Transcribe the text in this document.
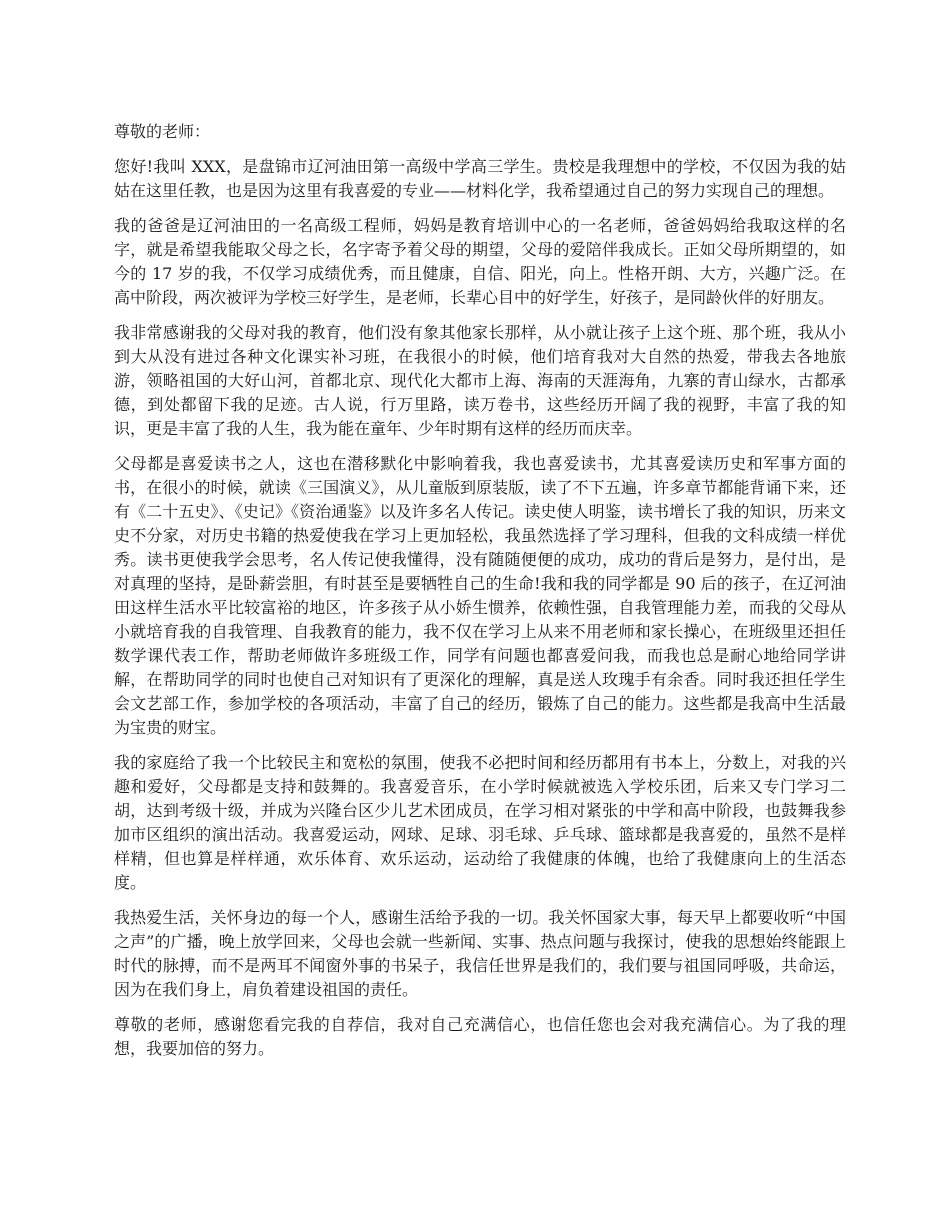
尊敬的老师：

您好!我叫 XXX，是盘锦市辽河油田第一高级中学高三学生。贵校是我理想中的学校，不仅因为我的姑姑在这里任教，也是因为这里有我喜爱的专业——材料化学，我希望通过自己的努力实现自己的理想。

我的爸爸是辽河油田的一名高级工程师，妈妈是教育培训中心的一名老师，爸爸妈妈给我取这样的名字，就是希望我能取父母之长，名字寄予着父母的期望，父母的爱陪伴我成长。正如父母所期望的，如今的 17 岁的我，不仅学习成绩优秀，而且健康，自信、阳光，向上。性格开朗、大方，兴趣广泛。在高中阶段，两次被评为学校三好学生，是老师，长辈心目中的好学生，好孩子，是同龄伙伴的好朋友。

我非常感谢我的父母对我的教育，他们没有象其他家长那样，从小就让孩子上这个班、那个班，我从小到大从没有进过各种文化课实补习班，在我很小的时候，他们培育我对大自然的热爱，带我去各地旅游，领略祖国的大好山河，首都北京、现代化大都市上海、海南的天涯海角，九寨的青山绿水，古都承德，到处都留下我的足迹。古人说，行万里路，读万卷书，这些经历开阔了我的视野，丰富了我的知识，更是丰富了我的人生，我为能在童年、少年时期有这样的经历而庆幸。

父母都是喜爱读书之人，这也在潜移默化中影响着我，我也喜爱读书，尤其喜爱读历史和军事方面的书，在很小的时候，就读《三国演义》，从儿童版到原装版，读了不下五遍，许多章节都能背诵下来，还有《二十五史》、《史记》《资治通鉴》以及许多名人传记。读史使人明鉴，读书增长了我的知识，历来文史不分家，对历史书籍的热爱使我在学习上更加轻松，我虽然选择了学习理科，但我的文科成绩一样优秀。读书更使我学会思考，名人传记使我懂得，没有随随便便的成功，成功的背后是努力，是付出，是对真理的坚持，是卧薪尝胆，有时甚至是要牺牲自己的生命!我和我的同学都是 90 后的孩子，在辽河油田这样生活水平比较富裕的地区，许多孩子从小娇生惯养，依赖性强，自我管理能力差，而我的父母从小就培育我的自我管理、自我教育的能力，我不仅在学习上从来不用老师和家长操心，在班级里还担任数学课代表工作，帮助老师做许多班级工作，同学有问题也都喜爱问我，而我也总是耐心地给同学讲解，在帮助同学的同时也使自己对知识有了更深化的理解，真是送人玫瑰手有余香。同时我还担任学生会文艺部工作，参加学校的各项活动，丰富了自己的经历，锻炼了自己的能力。这些都是我高中生活最为宝贵的财宝。

我的家庭给了我一个比较民主和宽松的氛围，使我不必把时间和经历都用有书本上，分数上，对我的兴趣和爱好，父母都是支持和鼓舞的。我喜爱音乐，在小学时候就被选入学校乐团，后来又专门学习二胡，达到考级十级，并成为兴隆台区少儿艺术团成员，在学习相对紧张的中学和高中阶段，也鼓舞我参加市区组织的演出活动。我喜爱运动，网球、足球、羽毛球、乒乓球、篮球都是我喜爱的，虽然不是样样精，但也算是样样通，欢乐体育、欢乐运动，运动给了我健康的体魄，也给了我健康向上的生活态度。

我热爱生活，关怀身边的每一个人，感谢生活给予我的一切。我关怀国家大事，每天早上都要收听“中国之声”的广播，晚上放学回来，父母也会就一些新闻、实事、热点问题与我探讨，使我的思想始终能跟上时代的脉搏，而不是两耳不闻窗外事的书呆子，我信任世界是我们的，我们要与祖国同呼吸，共命运，因为在我们身上，肩负着建设祖国的责任。

尊敬的老师，感谢您看完我的自荐信，我对自己充满信心，也信任您也会对我充满信心。为了我的理想，我要加倍的努力。
